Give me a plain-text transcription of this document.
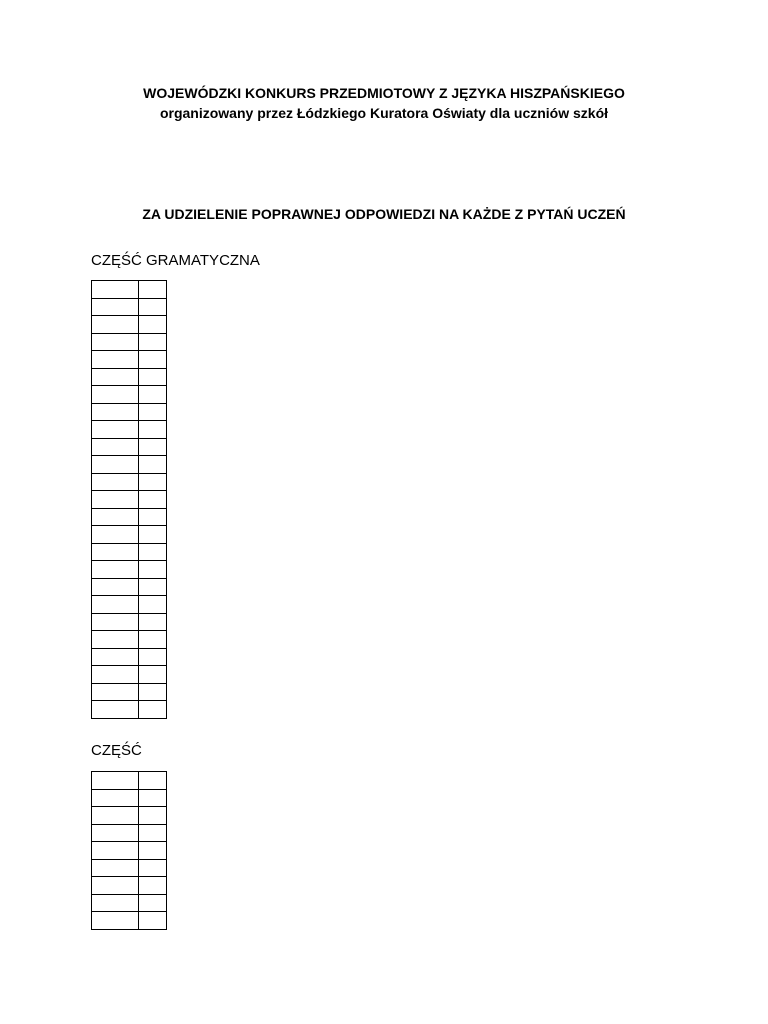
WOJEWÓDZKI KONKURS PRZEDMIOTOWY Z JĘZYKA HISZPAŃSKIEGO
organizowany przez Łódzkiego Kuratora Oświaty dla uczniów szkół
ZA UDZIELENIE POPRAWNEJ ODPOWIEDZI NA KAŻDE Z PYTAŃ UCZEŃ
CZĘŚĆ GRAMATYCZNA

CZĘŚĆ
